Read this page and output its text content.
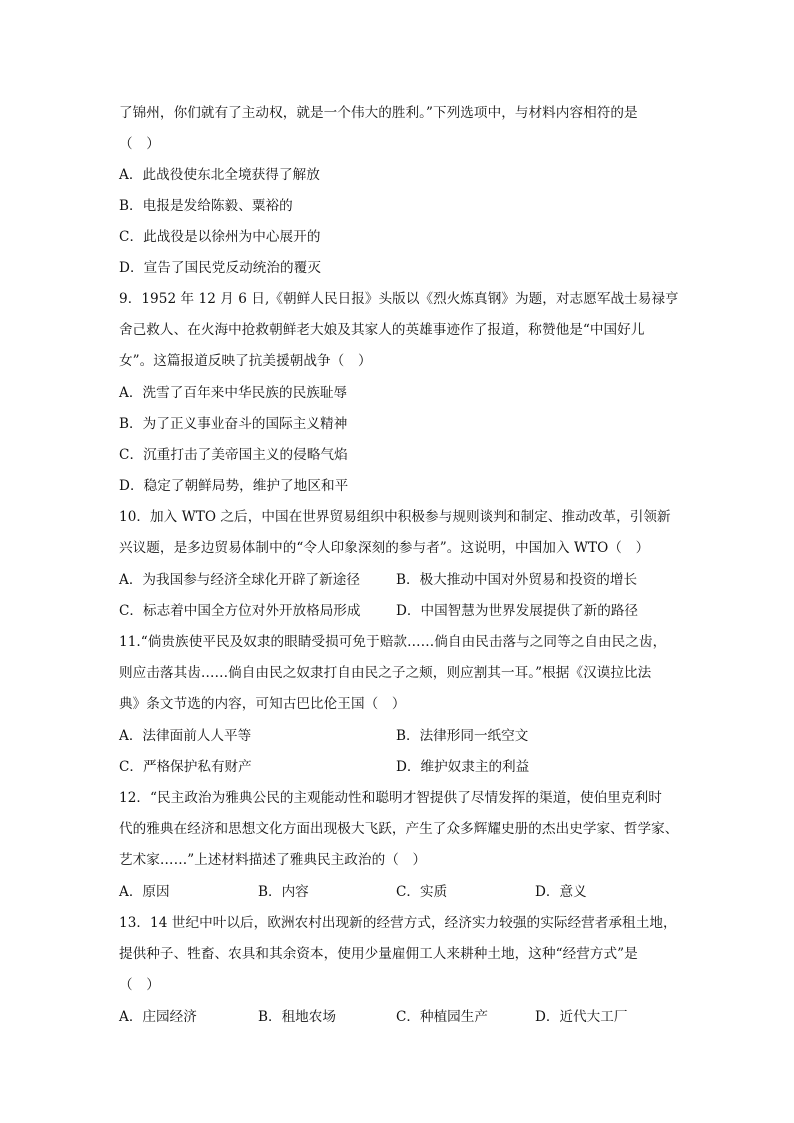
了锦州，你们就有了主动权，就是一个伟大的胜利。”下列选项中，与材料内容相符的是
（　）
A．此战役使东北全境获得了解放
B．电报是发给陈毅、粟裕的
C．此战役是以徐州为中心展开的
D．宣告了国民党反动统治的覆灭
9．1952 年 12 月 6 日,《朝鲜人民日报》头版以《烈火炼真钢》为题，对志愿军战士易禄亨
舍己救人、在火海中抢救朝鲜老大娘及其家人的英雄事迹作了报道，称赞他是“中国好儿
女”。这篇报道反映了抗美援朝战争（　）
A．洗雪了百年来中华民族的民族耻辱
B．为了正义事业奋斗的国际主义精神
C．沉重打击了美帝国主义的侵略气焰
D．稳定了朝鲜局势，维护了地区和平
10．加入 WTO 之后，中国在世界贸易组织中积极参与规则谈判和制定、推动改革，引领新
兴议题，是多边贸易体制中的“令人印象深刻的参与者”。这说明，中国加入 WTO（　）
A．为我国参与经济全球化开辟了新途径	B．极大推动中国对外贸易和投资的增长
C．标志着中国全方位对外开放格局形成	D．中国智慧为世界发展提供了新的路径
11.“倘贵族使平民及奴隶的眼睛受损可免于赔款……倘自由民击落与之同等之自由民之齿，
则应击落其齿……倘自由民之奴隶打自由民之子之颊，则应割其一耳。”根据《汉谟拉比法
典》条文节选的内容，可知古巴比伦王国（　）
A．法律面前人人平等	B．法律形同一纸空文
C．严格保护私有财产	D．维护奴隶主的利益
12．“民主政治为雅典公民的主观能动性和聪明才智提供了尽情发挥的渠道，使伯里克利时
代的雅典在经济和思想文化方面出现极大飞跃，产生了众多辉耀史册的杰出史学家、哲学家、
艺术家……”上述材料描述了雅典民主政治的（　）
A．原因	B．内容	C．实质	D．意义
13．14 世纪中叶以后，欧洲农村出现新的经营方式，经济实力较强的实际经营者承租土地，
提供种子、牲畜、农具和其余资本，使用少量雇佣工人来耕种土地，这种“经营方式”是
（　）
A．庄园经济	B．租地农场	C．种植园生产	D．近代大工厂
